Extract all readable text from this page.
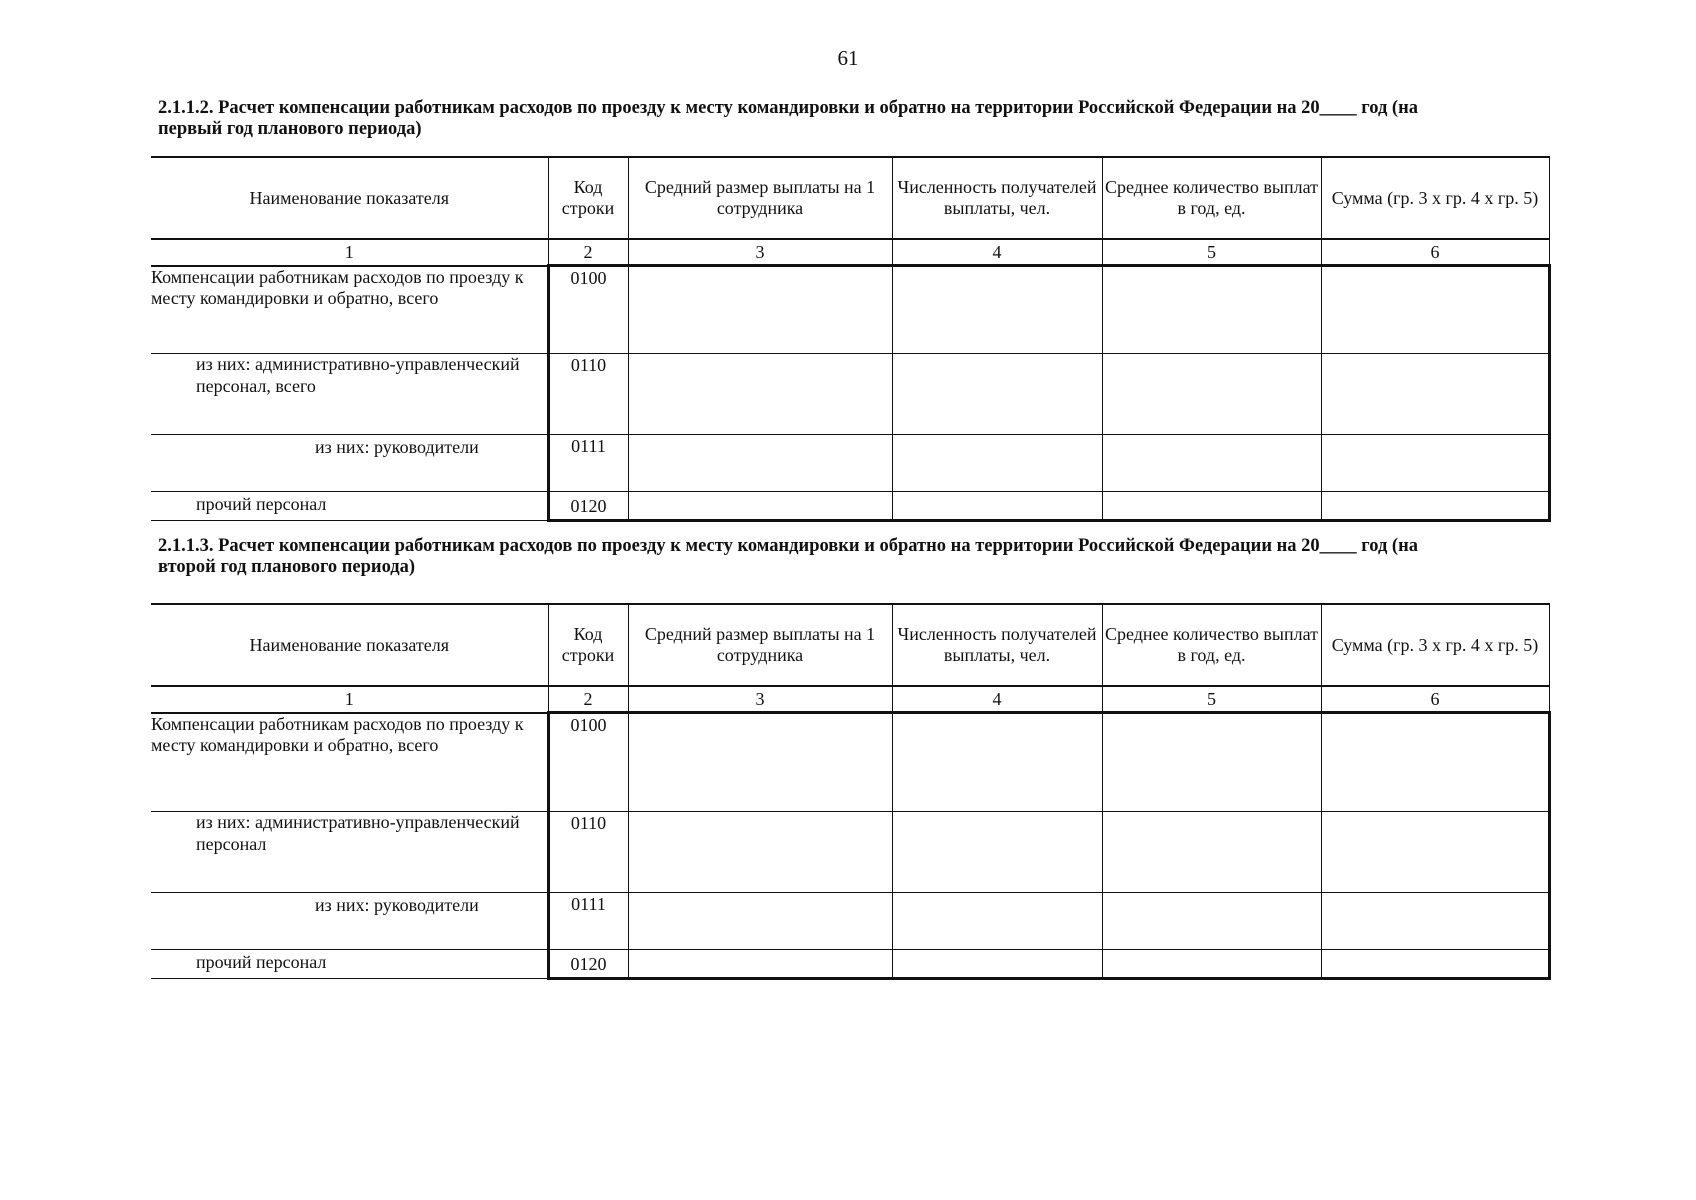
61
2.1.1.2. Расчет компенсации работникам расходов по проезду к месту командировки и обратно на территории Российской Федерации на 20____ год (на
первый год планового периода)
Наименование показателя	Код строки	Средний размер выплаты на 1 сотрудника	Численность получателей выплаты, чел.	Среднее количество выплат в год, ед.	Сумма (гр. 3 х гр. 4 х гр. 5)
1	2	3	4	5	6
Компенсации работникам расходов по проезду к месту командировки и обратно, всего	0100				
из них: административно-управленческий персонал, всего	0110				
из них: руководители	0111				
прочий персонал	0120				
2.1.1.3. Расчет компенсации работникам расходов по проезду к месту командировки и обратно на территории Российской Федерации на 20____ год (на
второй год планового периода)
Наименование показателя	Код строки	Средний размер выплаты на 1 сотрудника	Численность получателей выплаты, чел.	Среднее количество выплат в год, ед.	Сумма (гр. 3 х гр. 4 х гр. 5)
1	2	3	4	5	6
Компенсации работникам расходов по проезду к месту командировки и обратно, всего	0100				
из них: административно-управленческий персонал	0110				
из них: руководители	0111				
прочий персонал	0120				
